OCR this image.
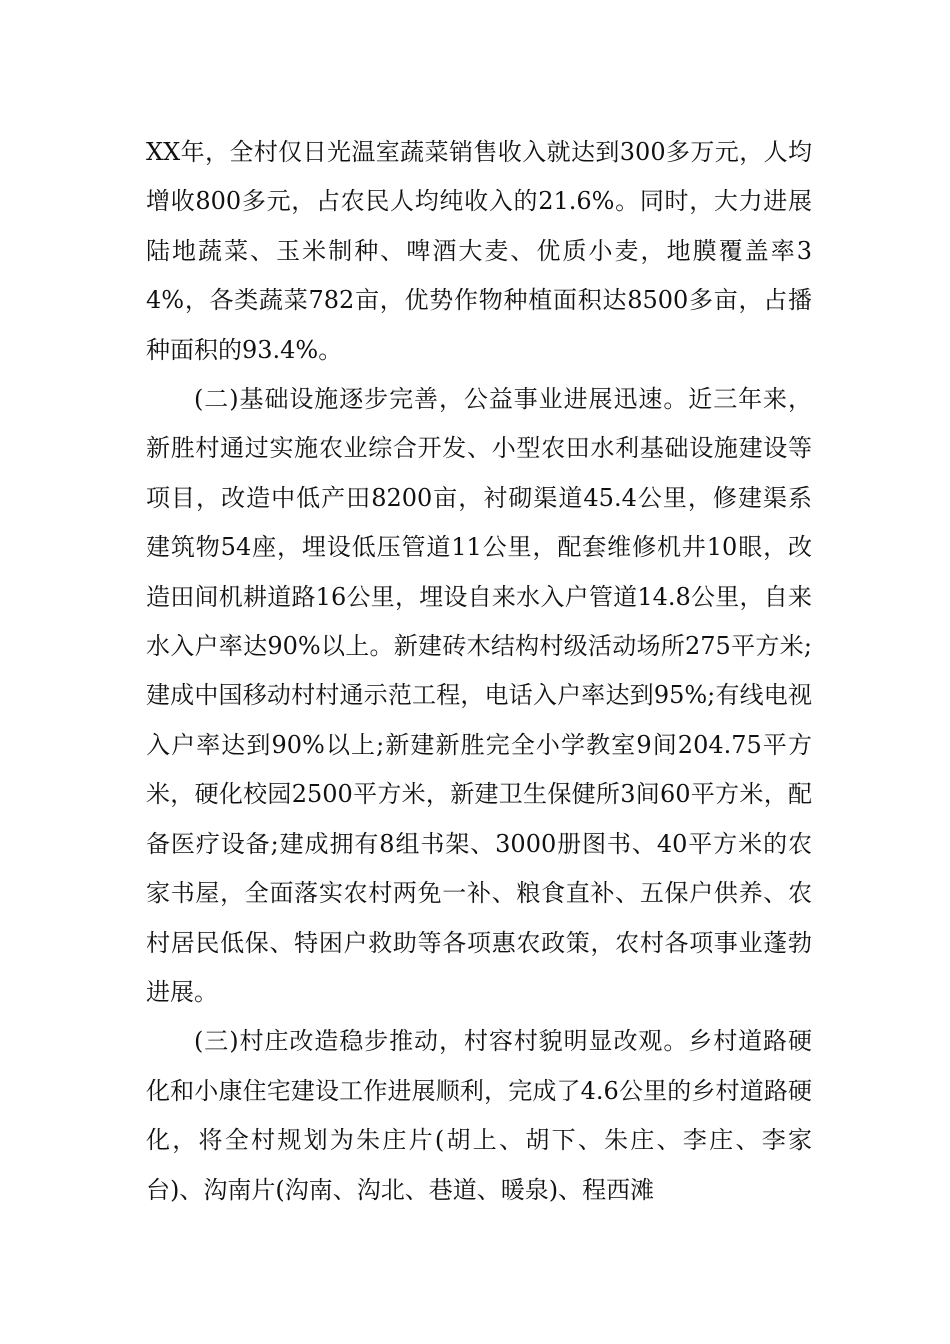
XX年，全村仅日光温室蔬菜销售收入就达到300多万元，人均增收800多元，占农民人均纯收入的21.6%。同时，大力进展陆地蔬菜、玉米制种、啤酒大麦、优质小麦，地膜覆盖率34%，各类蔬菜782亩，优势作物种植面积达8500多亩，占播种面积的93.4%。

(二)基础设施逐步完善，公益事业进展迅速。近三年来，新胜村通过实施农业综合开发、小型农田水利基础设施建设等项目，改造中低产田8200亩，衬砌渠道45.4公里，修建渠系建筑物54座，埋设低压管道11公里，配套维修机井10眼，改造田间机耕道路16公里，埋设自来水入户管道14.8公里，自来水入户率达90%以上。新建砖木结构村级活动场所275平方米;建成中国移动村村通示范工程，电话入户率达到95%;有线电视入户率达到90%以上;新建新胜完全小学教室9间204.75平方米，硬化校园2500平方米，新建卫生保健所3间60平方米，配备医疗设备;建成拥有8组书架、3000册图书、40平方米的农家书屋，全面落实农村两免一补、粮食直补、五保户供养、农村居民低保、特困户救助等各项惠农政策，农村各项事业蓬勃进展。

(三)村庄改造稳步推动，村容村貌明显改观。乡村道路硬化和小康住宅建设工作进展顺利，完成了4.6公里的乡村道路硬化，将全村规划为朱庄片(胡上、胡下、朱庄、李庄、李家台)、沟南片(沟南、沟北、巷道、暖泉)、程西滩
